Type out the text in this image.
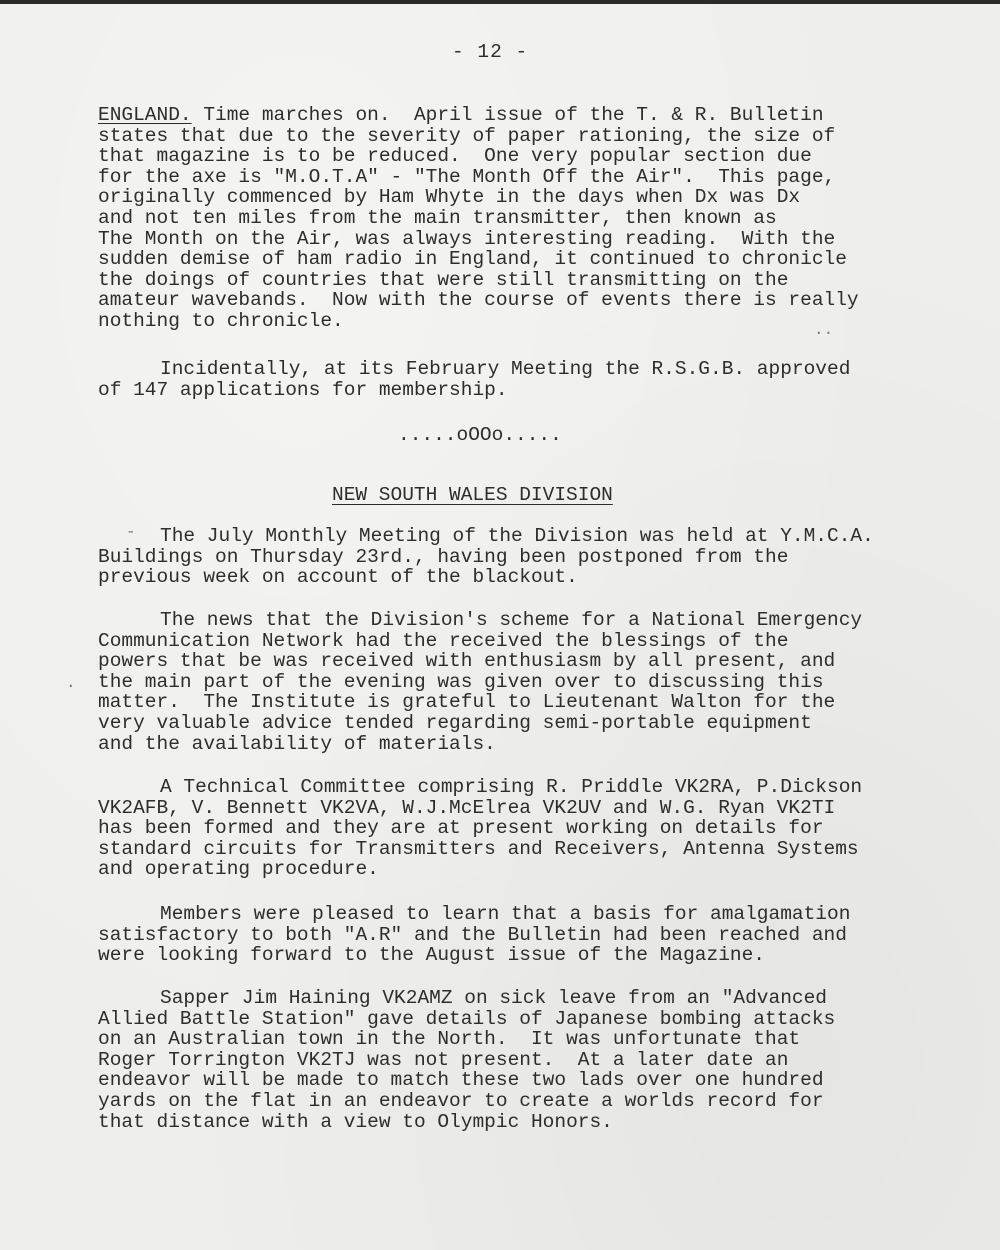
- 12 -
ENGLAND. Time marches on.  April issue of the T. & R. Bulletin
states that due to the severity of paper rationing, the size of
that magazine is to be reduced.  One very popular section due
for the axe is "M.O.T.A" - "The Month Off the Air".  This page,
originally commenced by Ham Whyte in the days when Dx was Dx
and not ten miles from the main transmitter, then known as
The Month on the Air, was always interesting reading.  With the
sudden demise of ham radio in England, it continued to chronicle
the doings of countries that were still transmitting on the
amateur wavebands.  Now with the course of events there is really
nothing to chronicle.
Incidentally, at its February Meeting the R.S.G.B. approved
of 147 applications for membership.
.....oOOo.....
NEW SOUTH WALES DIVISION
The July Monthly Meeting of the Division was held at Y.M.C.A.
Buildings on Thursday 23rd., having been postponed from the
previous week on account of the blackout.
The news that the Division's scheme for a National Emergency
Communication Network had the received the blessings of the
powers that be was received with enthusiasm by all present, and
the main part of the evening was given over to discussing this
matter.  The Institute is grateful to Lieutenant Walton for the
very valuable advice tended regarding semi-portable equipment
and the availability of materials.
A Technical Committee comprising R. Priddle VK2RA, P.Dickson
VK2AFB, V. Bennett VK2VA, W.J.McElrea VK2UV and W.G. Ryan VK2TI
has been formed and they are at present working on details for
standard circuits for Transmitters and Receivers, Antenna Systems
and operating procedure.
Members were pleased to learn that a basis for amalgamation
satisfactory to both "A.R" and the Bulletin had been reached and
were looking forward to the August issue of the Magazine.
Sapper Jim Haining VK2AMZ on sick leave from an "Advanced
Allied Battle Station" gave details of Japanese bombing attacks
on an Australian town in the North.  It was unfortunate that
Roger Torrington VK2TJ was not present.  At a later date an
endeavor will be made to match these two lads over one hundred
yards on the flat in an endeavor to create a worlds record for
that distance with a view to Olympic Honors.
..
-
·
